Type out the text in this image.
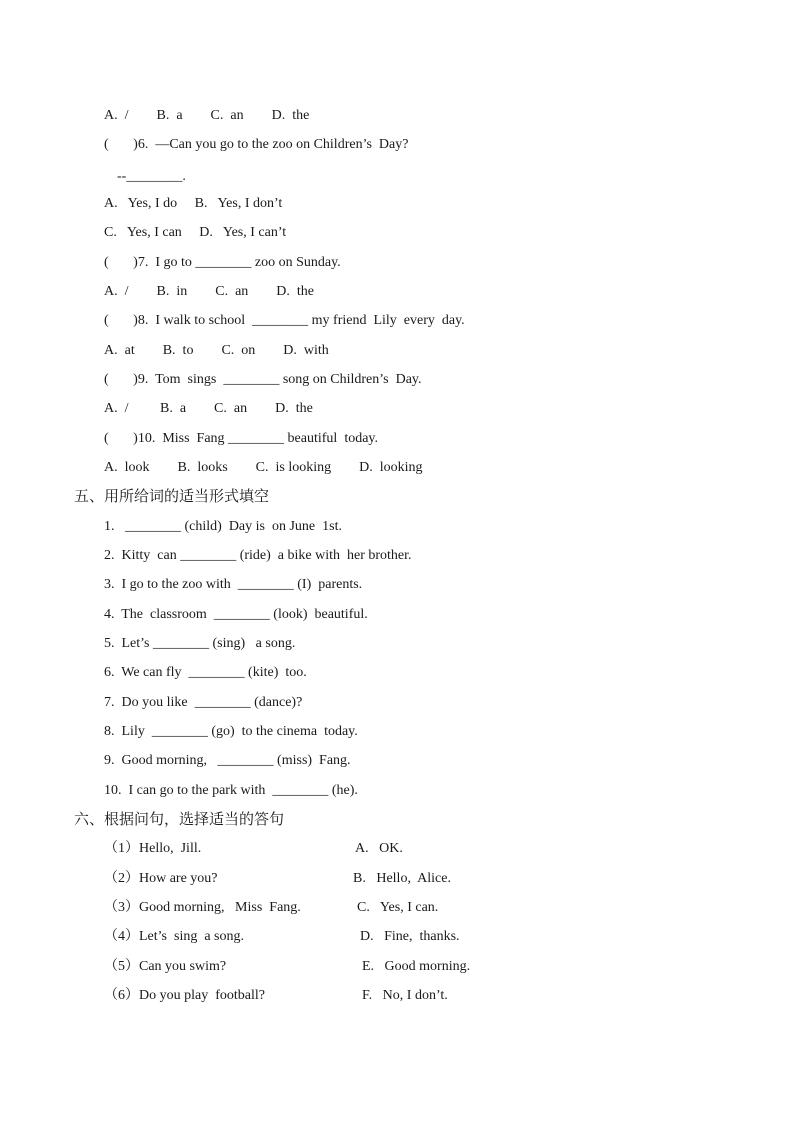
A.  /        B.  a        C.  an        D.  the
(       )6.  —Can you go to the zoo on Children’s  Day?
--________.
A.   Yes, I do     B.   Yes, I don’t
C.   Yes, I can     D.   Yes, I can’t
(       )7.  I go to ________ zoo on Sunday.
A.  /        B.  in        C.  an        D.  the
(       )8.  I walk to school  ________ my friend  Lily  every  day.
A.  at        B.  to        C.  on        D.  with
(       )9.  Tom  sings  ________ song on Children’s  Day.
A.  /         B.  a        C.  an        D.  the
(       )10.  Miss  Fang ________ beautiful  today.
A.  look        B.  looks        C.  is looking        D.  looking
五、用所给词的适当形式填空
1.   ________ (child)  Day is  on June  1st.
2.  Kitty  can ________ (ride)  a bike with  her brother.
3.  I go to the zoo with  ________ (I)  parents.
4.  The  classroom  ________ (look)  beautiful.
5.  Let’s ________ (sing)   a song.
6.  We can fly  ________ (kite)  too.
7.  Do you like  ________ (dance)?
8.  Lily  ________ (go)  to the cinema  today.
9.  Good morning,   ________ (miss)  Fang.
10.  I can go to the park with  ________ (he).
六、根据问句，选择适当的答句
（1）Hello,  Jill.
（2）How are you?
（3）Good morning,   Miss  Fang.
（4）Let’s  sing  a song.
（5）Can you swim?
（6）Do you play  football?
A.   OK.
B.   Hello,  Alice.
C.   Yes, I can.
D.   Fine,  thanks.
E.   Good morning.
F.   No, I don’t.
